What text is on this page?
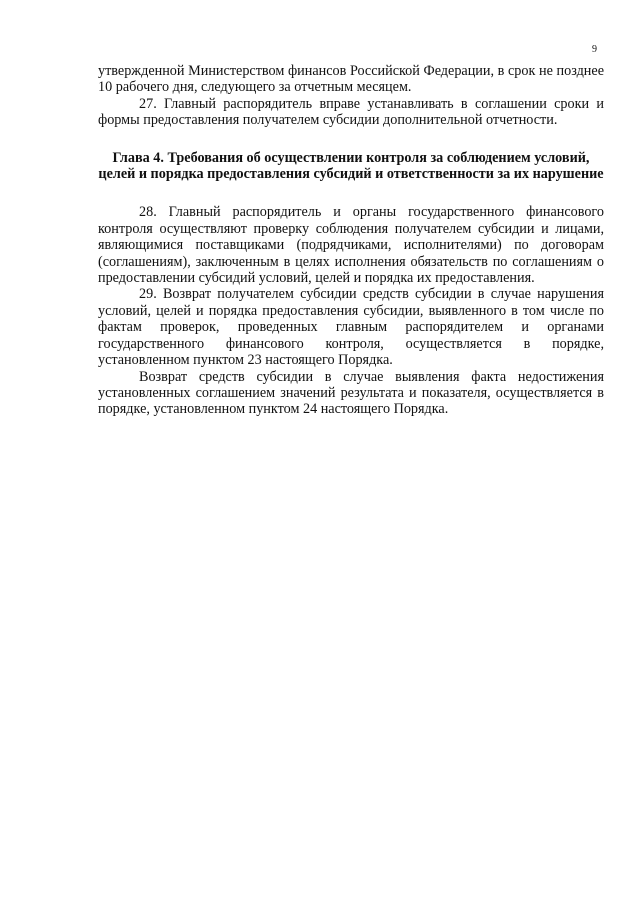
9

утвержденной Министерством финансов Российской Федерации, в срок не позднее 10 рабочего дня, следующего за отчетным месяцем.

27. Главный распорядитель вправе устанавливать в соглашении сроки и формы предоставления получателем субсидии дополнительной отчетности.

Глава 4. Требования об осуществлении контроля за соблюдением условий, целей и порядка предоставления субсидий и ответственности за их нарушение

28. Главный распорядитель и органы государственного финансового контроля осуществляют проверку соблюдения получателем субсидии и лицами, являющимися поставщиками (подрядчиками, исполнителями) по договорам (соглашениям), заключенным в целях исполнения обязательств по соглашениям о предоставлении субсидий условий, целей и порядка их предоставления.

29. Возврат получателем субсидии средств субсидии в случае нарушения условий, целей и порядка предоставления субсидии, выявленного в том числе по фактам проверок, проведенных главным распорядителем и органами государственного финансового контроля, осуществляется в порядке, установленном пунктом 23 настоящего Порядка.

Возврат средств субсидии в случае выявления факта недостижения установленных соглашением значений результата и показателя, осуществляется в порядке, установленном пунктом 24 настоящего Порядка.
